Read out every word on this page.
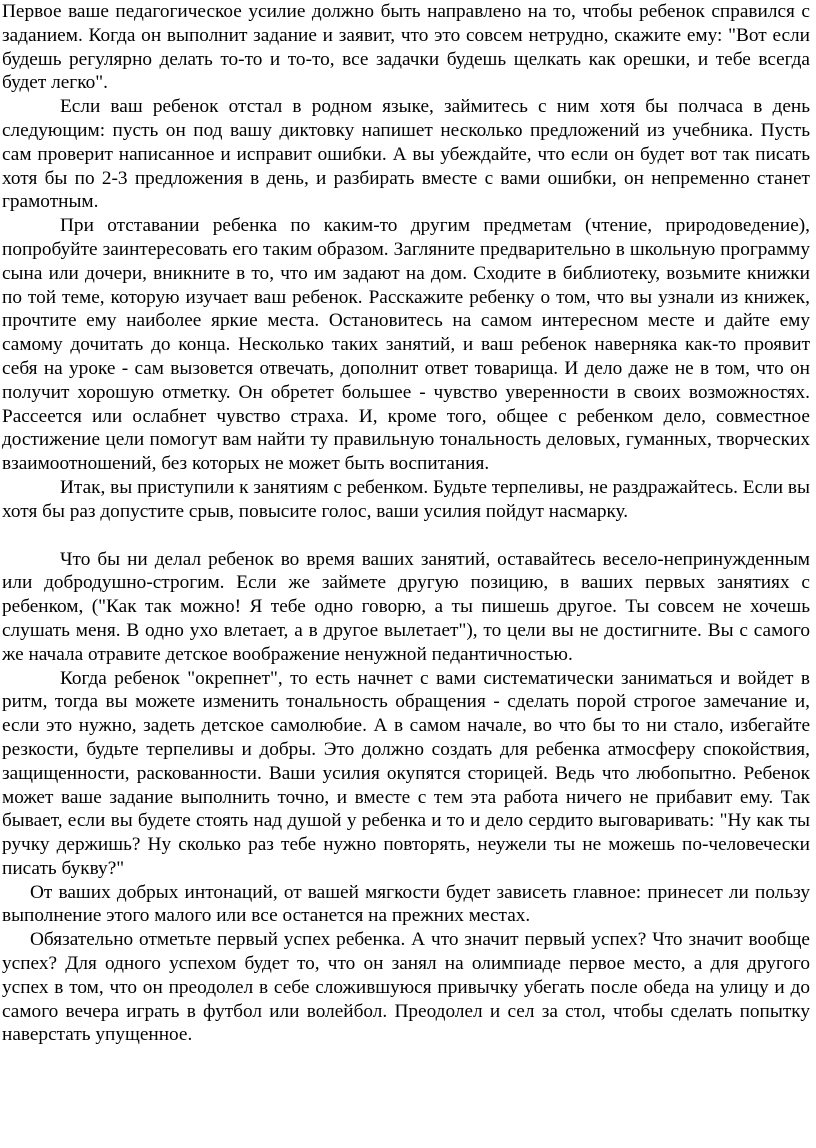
Первое ваше педагогическое усилие должно быть направлено на то, чтобы ребенок справился с заданием. Когда он выполнит задание и заявит, что это совсем нетрудно, скажите ему: "Вот если будешь регулярно делать то-то и то-то, все задачки будешь щелкать как орешки, и тебе всегда будет легко".

Если ваш ребенок отстал в родном языке, займитесь с ним хотя бы полчаса в день следующим: пусть он под вашу диктовку напишет несколько предложений из учебника. Пусть сам проверит написанное и исправит ошибки. А вы убеждайте, что если он будет вот так писать хотя бы по 2-3 предложения в день, и разбирать вместе с вами ошибки, он непременно станет грамотным.

При отставании ребенка по каким-то другим предметам (чтение, природоведение), попробуйте заинтересовать его таким образом. Загляните предварительно в школьную программу сына или дочери, вникните в то, что им задают на дом. Сходите в библиотеку, возьмите книжки по той теме, которую изучает ваш ребенок. Расскажите ребенку о том, что вы узнали из книжек, прочтите ему наиболее яркие места. Остановитесь на самом интересном месте и дайте ему самому дочитать до конца. Несколько таких занятий, и ваш ребенок наверняка как-то проявит себя на уроке - сам вызовется отвечать, дополнит ответ товарища. И дело даже не в том, что он получит хорошую отметку. Он обретет большее - чувство уверенности в своих возможностях. Рассеется или ослабнет чувство страха. И, кроме того, общее с ребенком дело, совместное достижение цели помогут вам найти ту правильную тональность деловых, гуманных, творческих взаимоотношений, без которых не может быть воспитания.

Итак, вы приступили к занятиям с ребенком. Будьте терпеливы, не раздражайтесь. Если вы хотя бы раз допустите срыв, повысите голос, ваши усилия пойдут насмарку.

Что бы ни делал ребенок во время ваших занятий, оставайтесь весело-непринужденным или добродушно-строгим. Если же займете другую позицию, в ваших первых занятиях с ребенком, ("Как так можно! Я тебе одно говорю, а ты пишешь другое. Ты совсем не хочешь слушать меня. В одно ухо влетает, а в другое вылетает"), то цели вы не достигните. Вы с самого же начала отравите детское воображение ненужной педантичностью.

Когда ребенок "окрепнет", то есть начнет с вами систематически заниматься и войдет в ритм, тогда вы можете изменить тональность обращения - сделать порой строгое замечание и, если это нужно, задеть детское самолюбие. А в самом начале, во что бы то ни стало, избегайте резкости, будьте терпеливы и добры. Это должно создать для ребенка атмосферу спокойствия, защищенности, раскованности. Ваши усилия окупятся сторицей. Ведь что любопытно. Ребенок может ваше задание выполнить точно, и вместе с тем эта работа ничего не прибавит ему. Так бывает, если вы будете стоять над душой у ребенка и то и дело сердито выговаривать: "Ну как ты ручку держишь? Ну сколько раз тебе нужно повторять, неужели ты не можешь по-человечески писать букву?"

От ваших добрых интонаций, от вашей мягкости будет зависеть главное: принесет ли пользу выполнение этого малого или все останется на прежних местах.

Обязательно отметьте первый успех ребенка. А что значит первый успех? Что значит вообще успех? Для одного успехом будет то, что он занял на олимпиаде первое место, а для другого успех в том, что он преодолел в себе сложившуюся привычку убегать после обеда на улицу и до самого вечера играть в футбол или волейбол. Преодолел и сел за стол, чтобы сделать попытку наверстать упущенное.
